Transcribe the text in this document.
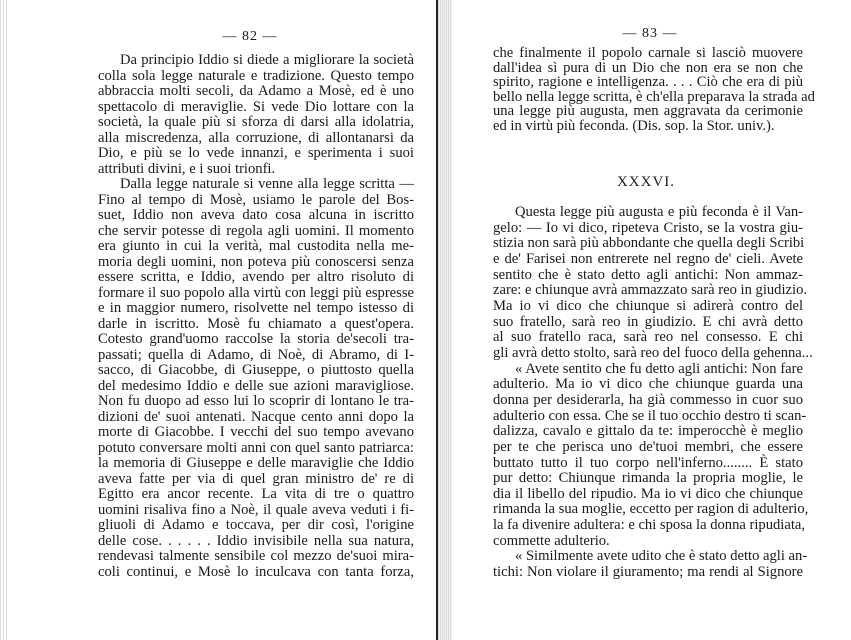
— 82 —
Da principio Iddio si diede a migliorare la società
colla sola legge naturale e tradizione. Questo tempo
abbraccia molti secoli, da Adamo a Mosè, ed è uno
spettacolo di meraviglie. Si vede Dio lottare con la
società, la quale più si sforza di darsi alla idolatria,
alla miscredenza, alla corruzione, di allontanarsi da
Dio, e più se lo vede innanzi, e sperimenta i suoi
attributi divini, e i suoi trionfi.
Dalla legge naturale si venne alla legge scritta —
Fino al tempo di Mosè, usiamo le parole del Bos-
suet, Iddio non aveva dato cosa alcuna in iscritto
che servir potesse di regola agli uomini. Il momento
era giunto in cui la verità, mal custodita nella me-
moria degli uomini, non poteva più conoscersi senza
essere scritta, e Iddio, avendo per altro risoluto di
formare il suo popolo alla virtù con leggi più espresse
e in maggior numero, risolvette nel tempo istesso di
darle in iscritto. Mosè fu chiamato a quest'opera.
Cotesto grand'uomo raccolse la storia de'secoli tra-
passati; quella di Adamo, di Noè, di Abramo, di I-
sacco, di Giacobbe, di Giuseppe, o piuttosto quella
del medesimo Iddio e delle sue azioni maravigliose.
Non fu duopo ad esso lui lo scoprir di lontano le tra-
dizioni de' suoi antenati. Nacque cento anni dopo la
morte di Giacobbe. I vecchi del suo tempo avevano
potuto conversare molti anni con quel santo patriarca:
la memoria di Giuseppe e delle maraviglie che Iddio
aveva fatte per via di quel gran ministro de' re di
Egitto era ancor recente. La vita di tre o quattro
uomini risaliva fino a Noè, il quale aveva veduti i fi-
gliuoli di Adamo e toccava, per dir così, l'origine
delle cose. . . . . . Iddio invisibile nella sua natura,
rendevasi talmente sensibile col mezzo de'suoi mira-
coli continui, e Mosè lo inculcava con tanta forza,
— 83 —
che finalmente il popolo carnale si lasciò muovere
dall'idea sì pura di un Dio che non era se non che
spirito, ragione e intelligenza. . . . Ciò che era di più
bello nella legge scritta, è ch'ella preparava la strada ad
una legge più augusta, men aggravata da cerimonie
ed in virtù più feconda. (Dis. sop. la Stor. univ.).
XXXVI.
Questa legge più augusta e più feconda è il Van-
gelo: — Io vi dico, ripeteva Cristo, se la vostra giu-
stizia non sarà più abbondante che quella degli Scribi
e de' Farisei non entrerete nel regno de' cieli. Avete
sentito che è stato detto agli antichi: Non ammaz-
zare: e chiunque avrà ammazzato sarà reo in giudizio.
Ma io vi dico che chiunque si adirerà contro del
suo fratello, sarà reo in giudizio. E chi avrà detto
al suo fratello raca, sarà reo nel consesso. E chi
gli avrà detto stolto, sarà reo del fuoco della gehenna...
« Avete sentito che fu detto agli antichi: Non fare
adulterio. Ma io vi dico che chiunque guarda una
donna per desiderarla, ha già commesso in cuor suo
adulterio con essa. Che se il tuo occhio destro ti scan-
dalizza, cavalo e gittalo da te: imperocchè è meglio
per te che perisca uno de'tuoi membri, che essere
buttato tutto il tuo corpo nell'inferno........ È stato
pur detto: Chiunque rimanda la propria moglie, le
dia il libello del ripudio. Ma io vi dico che chiunque
rimanda la sua moglie, eccetto per ragion di adulterio,
la fa divenire adultera: e chi sposa la donna ripudiata,
commette adulterio.
« Similmente avete udito che è stato detto agli an-
tichi: Non violare il giuramento; ma rendi al Signore
